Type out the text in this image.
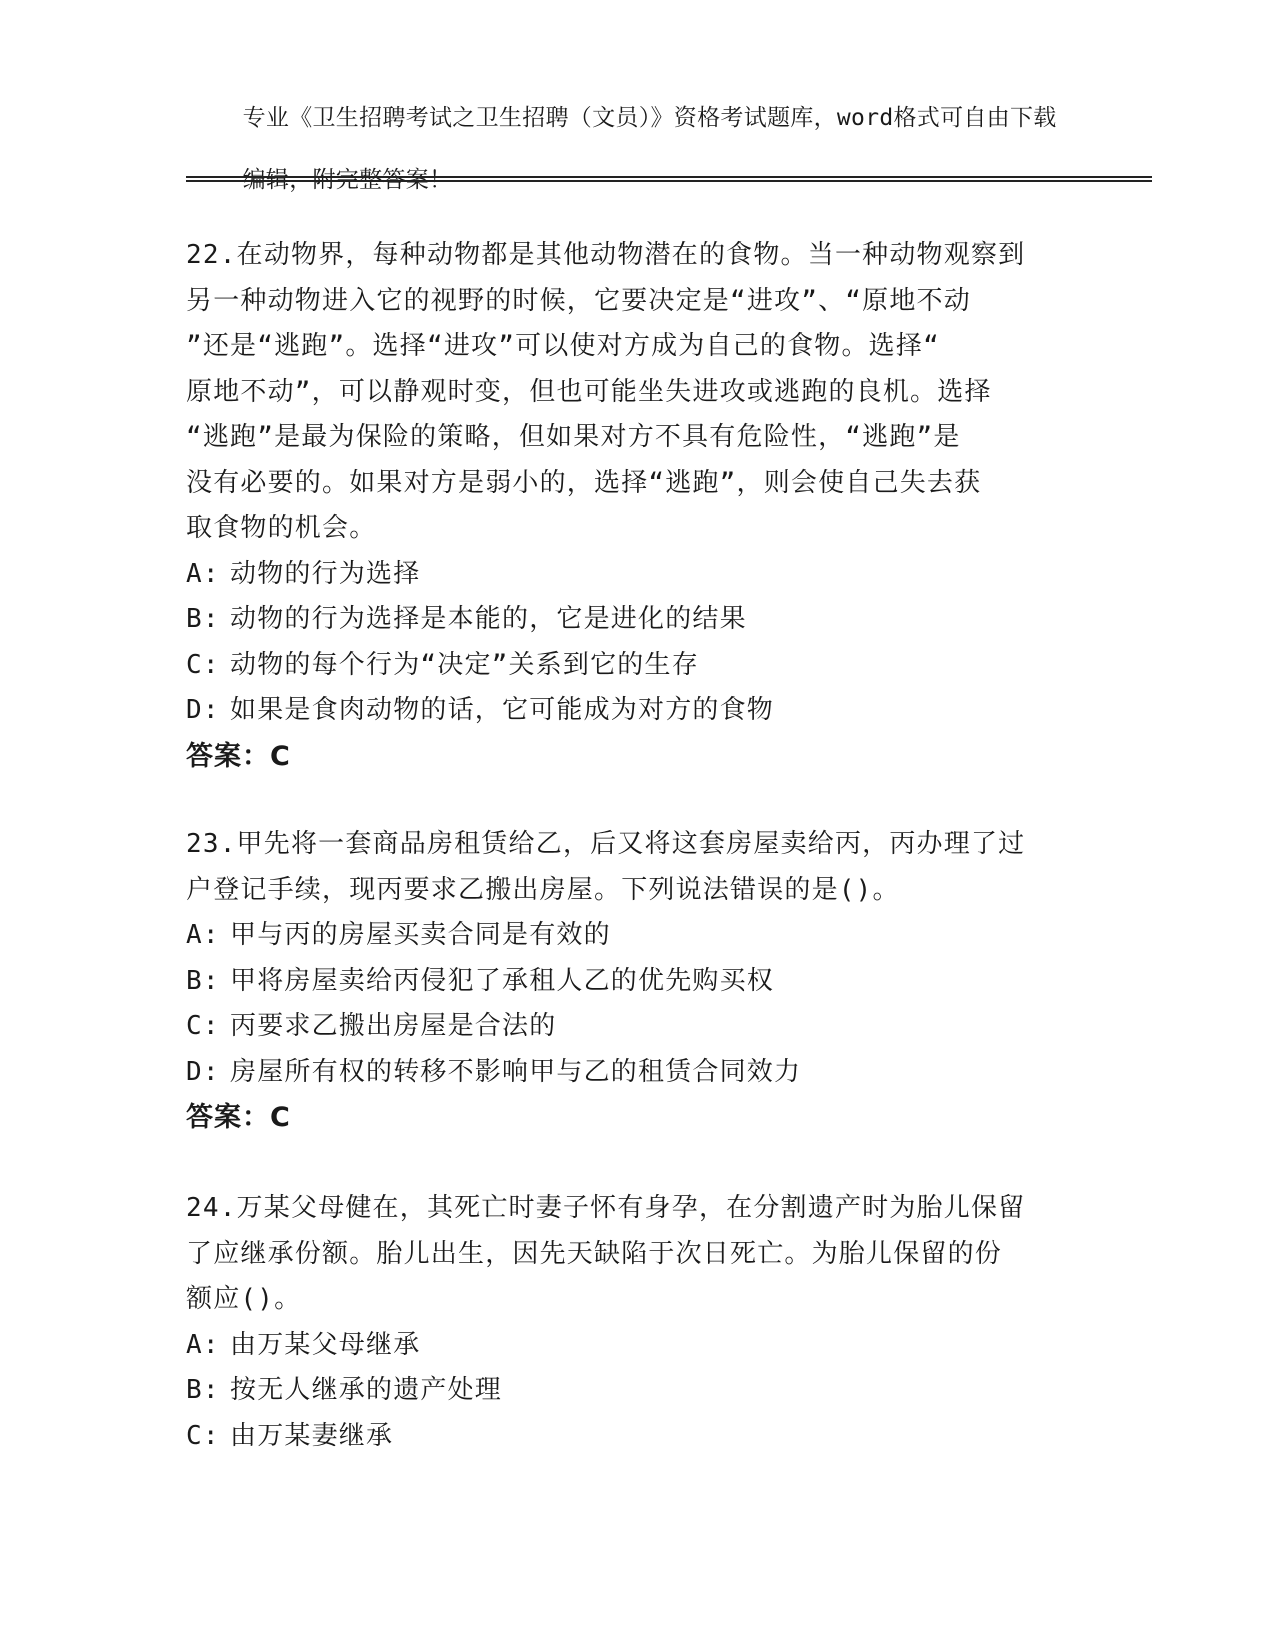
专业《卫生招聘考试之卫生招聘（文员）》资格考试题库，word格式可自由下载

编辑，附完整答案！

22.在动物界，每种动物都是其他动物潜在的食物。当一种动物观察到
另一种动物进入它的视野的时候，它要决定是“进攻”、“原地不动
”还是“逃跑”。选择“进攻”可以使对方成为自己的食物。选择“
原地不动”，可以静观时变，但也可能坐失进攻或逃跑的良机。选择
“逃跑”是最为保险的策略，但如果对方不具有危险性，“逃跑”是
没有必要的。如果对方是弱小的，选择“逃跑”，则会使自己失去获
取食物的机会。
A: 动物的行为选择
B: 动物的行为选择是本能的，它是进化的结果
C: 动物的每个行为“决定”关系到它的生存
D: 如果是食肉动物的话，它可能成为对方的食物
答案：C
23.甲先将一套商品房租赁给乙，后又将这套房屋卖给丙，丙办理了过
户登记手续，现丙要求乙搬出房屋。下列说法错误的是()。
A: 甲与丙的房屋买卖合同是有效的
B: 甲将房屋卖给丙侵犯了承租人乙的优先购买权
C: 丙要求乙搬出房屋是合法的
D: 房屋所有权的转移不影响甲与乙的租赁合同效力
答案：C
24.万某父母健在，其死亡时妻子怀有身孕，在分割遗产时为胎儿保留
了应继承份额。胎儿出生，因先天缺陷于次日死亡。为胎儿保留的份
额应()。
A: 由万某父母继承
B: 按无人继承的遗产处理
C: 由万某妻继承
